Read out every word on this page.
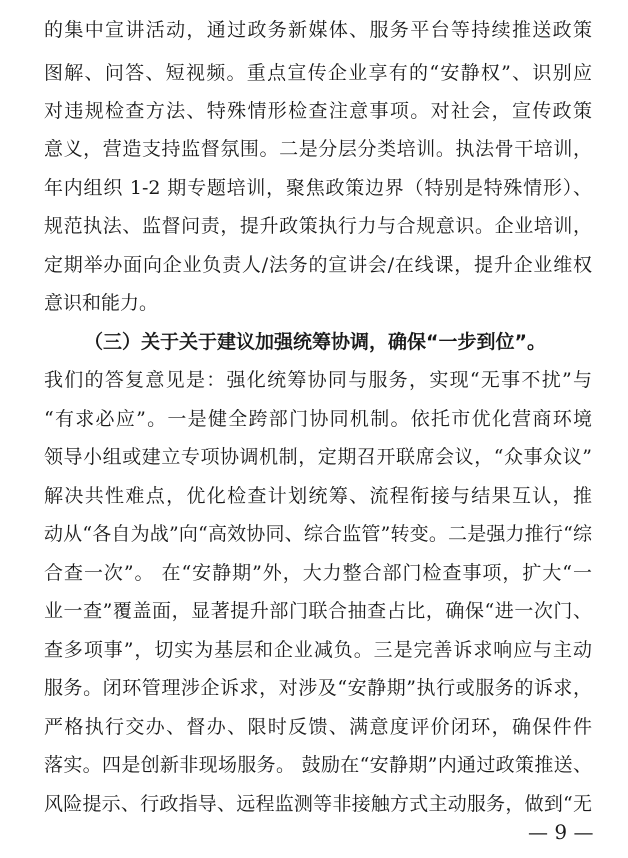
的集中宣讲活动，通过政务新媒体、服务平台等持续推送政策
图解、问答、短视频。重点宣传企业享有的“安静权”、识别应
对违规检查方法、特殊情形检查注意事项。对社会，宣传政策
意义，营造支持监督氛围。二是分层分类培训。执法骨干培训，
年内组织 1-2 期专题培训，聚焦政策边界（特别是特殊情形）、
规范执法、监督问责，提升政策执行力与合规意识。企业培训，
定期举办面向企业负责人/法务的宣讲会/在线课，提升企业维权
意识和能力。
（三）关于关于建议加强统筹协调，确保“一步到位”。
我们的答复意见是：强化统筹协同与服务，实现“无事不扰”与
“有求必应”。一是健全跨部门协同机制。依托市优化营商环境
领导小组或建立专项协调机制，定期召开联席会议，“众事众议”
解决共性难点，优化检查计划统筹、流程衔接与结果互认，推
动从“各自为战”向“高效协同、综合监管”转变。二是强力推行“综
合查一次”。 在“安静期”外，大力整合部门检查事项，扩大“一
业一查”覆盖面，显著提升部门联合抽查占比，确保“进一次门、
查多项事”，切实为基层和企业减负。三是完善诉求响应与主动
服务。闭环管理涉企诉求，对涉及“安静期”执行或服务的诉求，
严格执行交办、督办、限时反馈、满意度评价闭环，确保件件
落实。四是创新非现场服务。 鼓励在“安静期”内通过政策推送、
风险提示、行政指导、远程监测等非接触方式主动服务，做到“无
— 9 —
